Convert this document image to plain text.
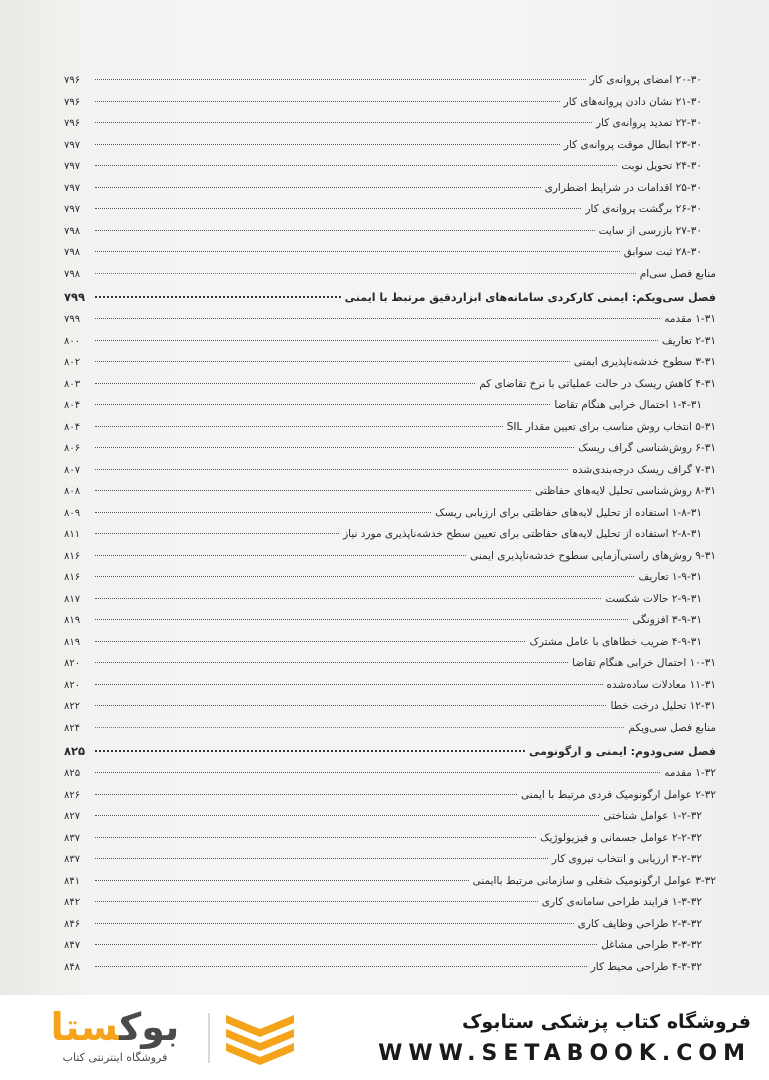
۲۰-۳۰ امضای پروانه‌ی کار
۷۹۶
۲۱-۳۰ نشان دادن پروانه‌های کار
۷۹۶
۲۲-۳۰ تمدید پروانه‌ی کار
۷۹۶
۲۳-۳۰ ابطال موقت پروانه‌ی کار
۷۹۷
۲۴-۳۰ تحویل نوبت
۷۹۷
۲۵-۳۰ اقدامات در شرایط اضطراری
۷۹۷
۲۶-۳۰ برگشت پروانه‌ی کار
۷۹۷
۲۷-۳۰ بازرسی از سایت
۷۹۸
۲۸-۳۰ ثبت سوابق
۷۹۸
منابع فصل سی‌ام
۷۹۸
فصل سی‌ویکم: ایمنی کارکردی سامانه‌های ابزاردقیق مرتبط با ایمنی
۷۹۹
۱-۳۱ مقدمه
۷۹۹
۲-۳۱ تعاریف
۸۰۰
۳-۳۱ سطوح خدشه‌ناپذیری ایمنی
۸۰۲
۴-۳۱ کاهش ریسک در حالت عملیاتی با نرخ تقاضای کم
۸۰۳
۱-۴-۳۱ احتمال خرابی هنگام تقاضا
۸۰۴
۵-۳۱ انتخاب روش مناسب برای تعیین مقدار SIL
۸۰۴
۶-۳۱ روش‌شناسی گراف ریسک
۸۰۶
۷-۳۱ گراف ریسک درجه‌بندی‌شده
۸۰۷
۸-۳۱ روش‌شناسی تحلیل لایه‌های حفاظتی
۸۰۸
۱-۸-۳۱ استفاده از تحلیل لایه‌های حفاظتی برای ارزیابی ریسک
۸۰۹
۲-۸-۳۱ استفاده از تحلیل لایه‌های حفاظتی برای تعیین سطح خدشه‌ناپذیری مورد نیاز
۸۱۱
۹-۳۱ روش‌های راستی‌آزمایی سطوح خدشه‌ناپذیری ایمنی
۸۱۶
۱-۹-۳۱ تعاریف
۸۱۶
۲-۹-۳۱ حالات شکست
۸۱۷
۳-۹-۳۱ افزونگی
۸۱۹
۴-۹-۳۱ ضریب خطاهای با عامل مشترک
۸۱۹
۱۰-۳۱ احتمال خرابی هنگام تقاضا
۸۲۰
۱۱-۳۱ معادلات ساده‌شده
۸۲۰
۱۲-۳۱ تحلیل درخت خطا
۸۲۲
منابع فصل سی‌ویکم
۸۲۴
فصل سی‌ودوم: ایمنی و ارگونومی
۸۲۵
۱-۳۲ مقدمه
۸۲۵
۲-۳۲ عوامل ارگونومیک فردی مرتبط با ایمنی
۸۲۶
۱-۲-۳۲ عوامل شناختی
۸۲۷
۲-۲-۳۲ عوامل جسمانی و فیزیولوژیک
۸۳۷
۳-۲-۳۲ ارزیابی و انتخاب نیروی کار
۸۳۷
۳-۳۲ عوامل ارگونومیک شغلی و سازمانی مرتبط باایمنی
۸۴۱
۱-۳-۳۲ فرایند طراحی سامانه‌ی کاری
۸۴۲
۲-۳-۳۲ طراحی وظایف کاری
۸۴۶
۳-۳-۳۲ طراحی مشاغل
۸۴۷
۴-۳-۳۲ طراحی محیط کار
۸۴۸
بوکستا
فروشگاه اینترنتی کتاب
فروشگاه کتاب پزشکی ستابوک
WWW.SETABOOK.COM
